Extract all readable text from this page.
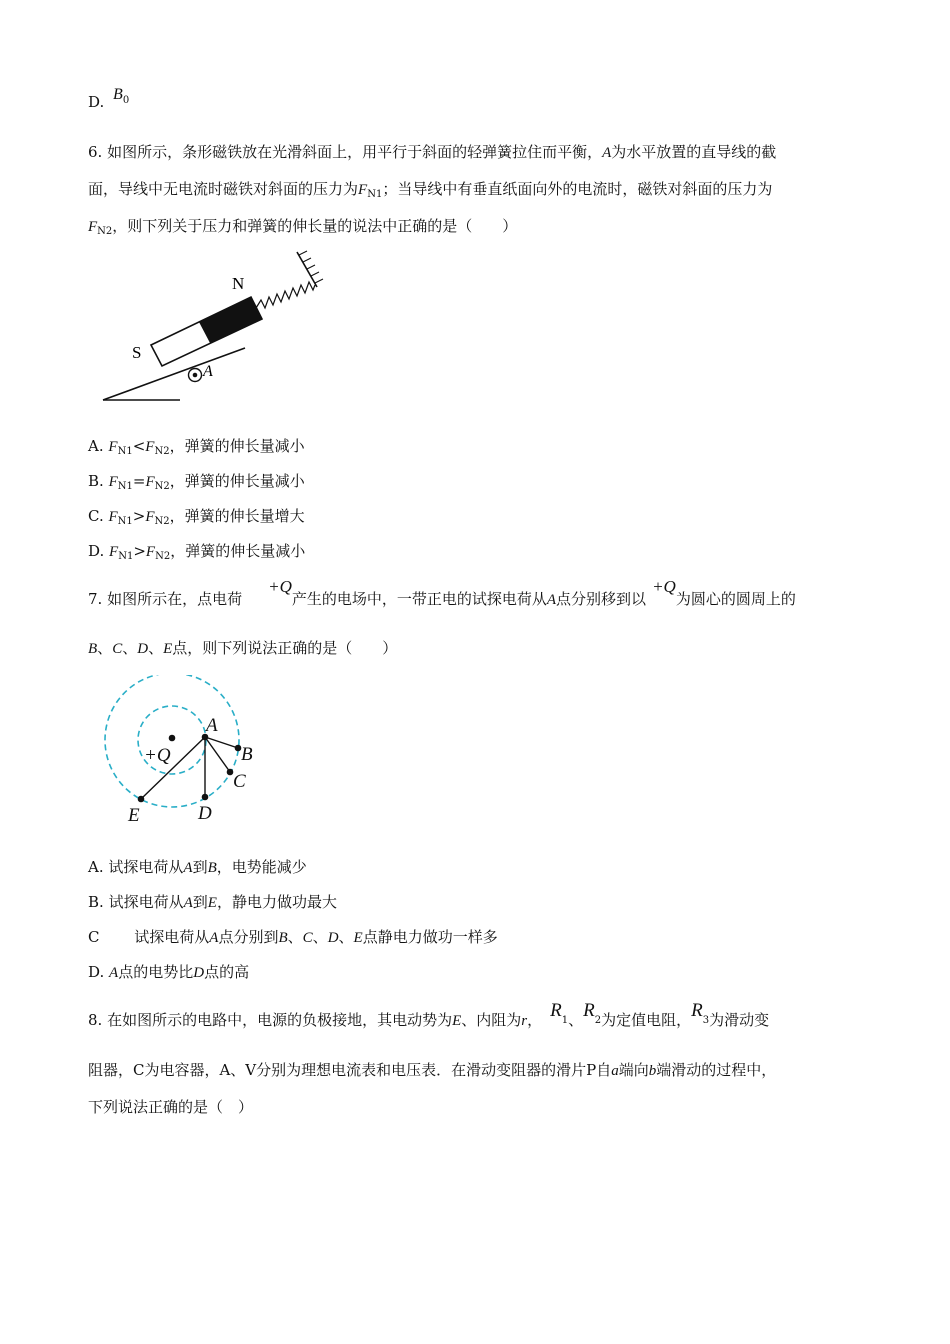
D. $B^0$
6. 如图所示，条形磁铁放在光滑斜面上，用平行于斜面的轻弹簧拉住而平衡，A为水平放置的直导线的截
面，导线中无电流时磁铁对斜面的压力为$F_{N1}$；当导线中有垂直纸面向外的电流时，磁铁对斜面的压力为
$F_{N2}$，则下列关于压力和弹簧的伸长量的说法中正确的是（　　）
N
S
A
A. $F_{N1}<F_{N2}$，弹簧的伸长量减小
B. $F_{N1}=F_{N2}$，弹簧的伸长量减小
C. $F_{N1}>F_{N2}$，弹簧的伸长量增大
D. $F_{N1}>F_{N2}$，弹簧的伸长量减小
7. 如图所示在，点电荷+Q产生的电场中，一带正电的试探电荷从A点分别移到以+Q为圆心的圆周上的
B、C、D、E点，则下列说法正确的是（　　）
+Q
A
B
C
D
E
A. 试探电荷从A到B，电势能减少
B. 试探电荷从A到E，静电力做功最大
C 试探电荷从A点分别到B、C、D、E点静电力做功一样多
D. A点的电势比D点的高
8. 在如图所示的电路中，电源的负极接地，其电动势为E、内阻为r， R1、R2为定值电阻，R3为滑动变
阻器，C为电容器，A、V分别为理想电流表和电压表．在滑动变阻器的滑片P自a端向b端滑动的过程中，
下列说法正确的是（　）
